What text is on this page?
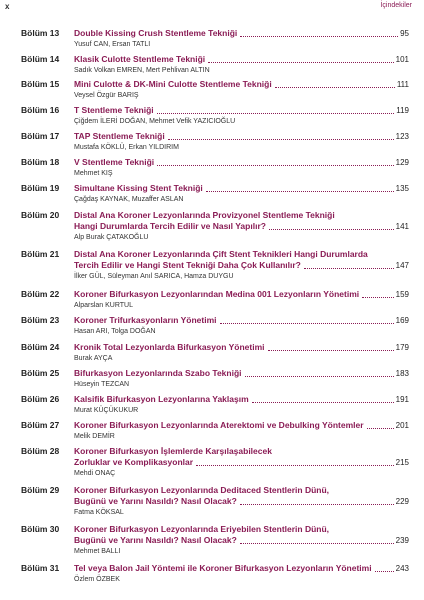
x	İçindekiler
Bölüm 13 Double Kissing Crush Stentleme Tekniği	95
Yusuf CAN, Ersan TATLI
Bölüm 14 Klasik Culotte Stentleme Tekniği	101
Sadık Volkan EMREN, Mert Pehlivan ALTIN
Bölüm 15 Mini Culotte & DK-Mini Culotte Stentleme Tekniği	111
Veysel Özgür BARIŞ
Bölüm 16 T Stentleme Tekniği	119
Çiğdem İLERİ DOĞAN, Mehmet Vefik YAZICIOĞLU
Bölüm 17 TAP Stentleme Tekniği	123
Mustafa KÖKLÜ, Erkan YILDIRIM
Bölüm 18 V Stentleme Tekniği	129
Mehmet KIŞ
Bölüm 19 Simultane Kissing Stent Tekniği	135
Çağdaş KAYNAK, Muzaffer ASLAN
Bölüm 20 Distal Ana Koroner Lezyonlarında Provizyonel Stentleme Tekniği
Hangi Durumlarda Tercih Edilir ve Nasıl Yapılır?	141
Alp Burak ÇATAKOĞLU
Bölüm 21 Distal Ana Koroner Lezyonlarında Çift Stent Teknikleri Hangi Durumlarda
Tercih Edilir ve Hangi Stent Tekniği Daha Çok Kullanılır?	147
İlker GÜL, Süleyman Anıl SARICA, Hamza DUYGU
Bölüm 22 Koroner Bifurkasyon Lezyonlarından Medina 001 Lezyonların Yönetimi	159
Alparslan KURTUL
Bölüm 23 Koroner Trifurkasyonların Yönetimi	169
Hasan ARI, Tolga DOĞAN
Bölüm 24 Kronik Total Lezyonlarda Bifurkasyon Yönetimi	179
Burak AYÇA
Bölüm 25 Bifurkasyon Lezyonlarında Szabo Tekniği	183
Hüseyin TEZCAN
Bölüm 26 Kalsifik Bifurkasyon Lezyonlarına Yaklaşım	191
Murat KÜÇÜKUKUR
Bölüm 27 Koroner Bifurkasyon Lezyonlarında Aterektomi ve Debulking Yöntemler	201
Melik DEMİR
Bölüm 28 Koroner Bifurkasyon İşlemlerde Karşılaşabilecek
Zorluklar ve Komplikasyonlar	215
Mehdi ONAÇ
Bölüm 29 Koroner Bifurkasyon Lezyonlarında Deditaced Stentlerin Dünü,
Bugünü ve Yarını Nasıldı? Nasıl Olacak?	229
Fatma KÖKSAL
Bölüm 30 Koroner Bifurkasyon Lezyonlarında Eriyebilen Stentlerin Dünü,
Bugünü ve Yarını Nasıldı? Nasıl Olacak?	239
Mehmet BALLI
Bölüm 31 Tel veya Balon Jail Yöntemi ile Koroner Bifurkasyon Lezyonların Yönetimi	243
Özlem ÖZBEK
